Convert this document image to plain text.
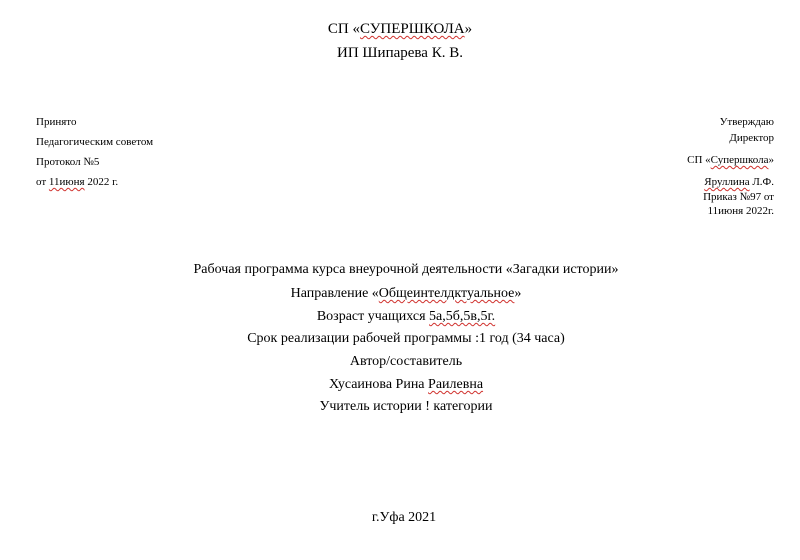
СП «СУПЕРШКОЛА»
ИП Шипарева К. В.
Принято
Педагогическим советом
Протокол №5
от 11июня 2022 г.
Утверждаю
Директор
СП «Супершкола»
Яруллина Л.Ф.
Приказ №97 от
11июня 2022г.
Рабочая программа курса внеурочной деятельности «Загадки истории»
Направление «Общеинтелдктуальное»
Возраст учащихся 5а,5б,5в,5г.
Срок реализации рабочей программы :1 год (34 часа)
Автор/составитель
Хусаинова Рина Раилевна
Учитель истории ! категории
г.Уфа 2021
